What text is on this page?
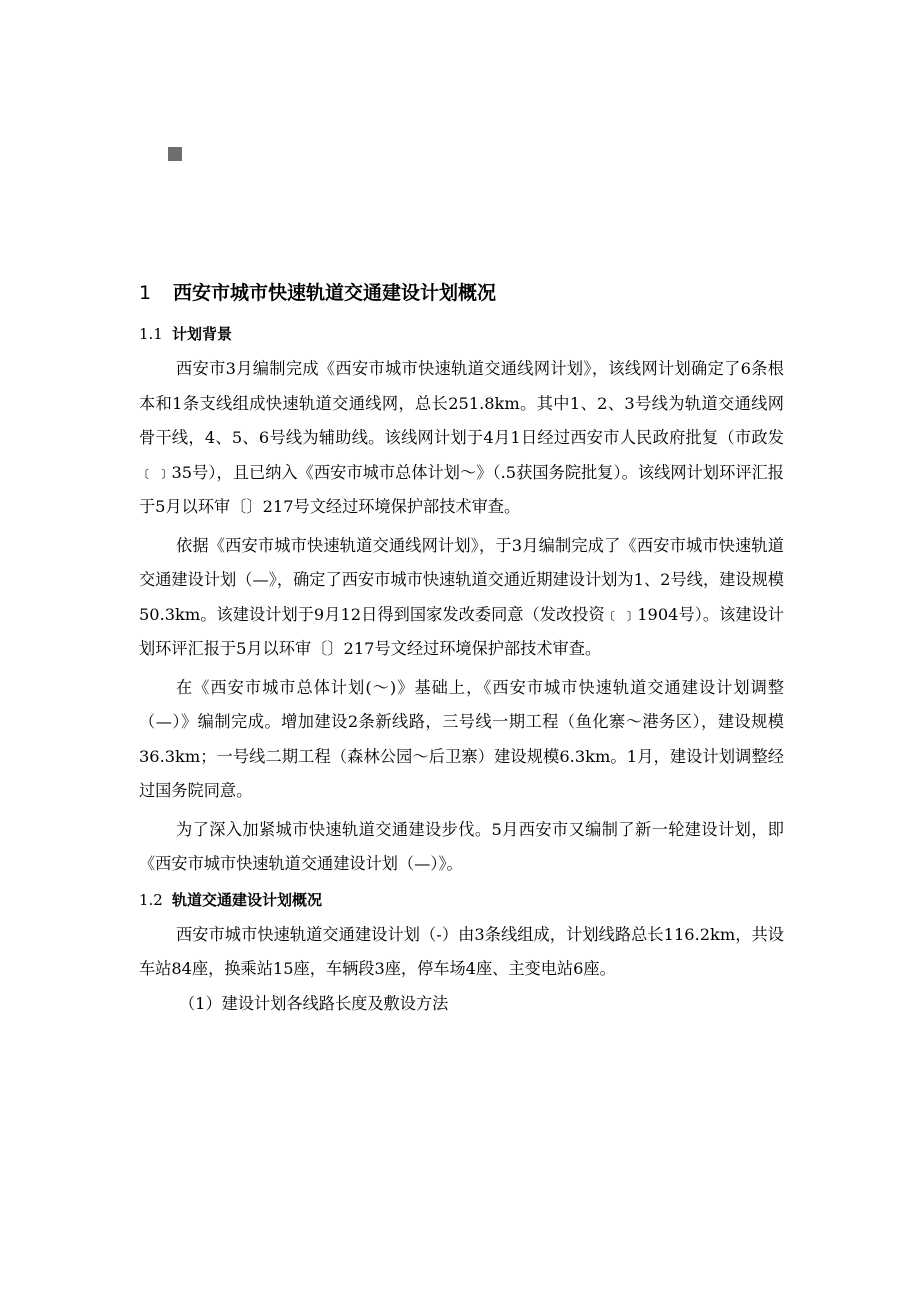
1	西安市城市快速轨道交通建设计划概况
1.1 计划背景

西安市3月编制完成《西安市城市快速轨道交通线网计划》，该线网计划确定了6条根本和1条支线组成快速轨道交通线网，总长251.8km。其中1、2、3号线为轨道交通线网骨干线，4、5、6号线为辅助线。该线网计划于4月1日经过西安市人民政府批复（市政发﹝﹞35号），且已纳入《西安市城市总体计划～》（.5获国务院批复）。该线网计划环评汇报于5月以环审〔〕217号文经过环境保护部技术审查。

依据《西安市城市快速轨道交通线网计划》，于3月编制完成了《西安市城市快速轨道交通建设计划（—》，确定了西安市城市快速轨道交通近期建设计划为1、2号线，建设规模50.3km。该建设计划于9月12日得到国家发改委同意（发改投资﹝﹞1904号）。该建设计划环评汇报于5月以环审〔〕217号文经过环境保护部技术审查。

在《西安市城市总体计划(～)》基础上，《西安市城市快速轨道交通建设计划调整（—）》编制完成。增加建设2条新线路，三号线一期工程（鱼化寨～港务区），建设规模36.3km；一号线二期工程（森林公园～后卫寨）建设规模6.3km。1月，建设计划调整经过国务院同意。

为了深入加紧城市快速轨道交通建设步伐。5月西安市又编制了新一轮建设计划，即《西安市城市快速轨道交通建设计划（—）》。

1.2 轨道交通建设计划概况

西安市城市快速轨道交通建设计划（-）由3条线组成，计划线路总长116.2km，共设车站84座，换乘站15座，车辆段3座，停车场4座、主变电站6座。

（1）建设计划各线路长度及敷设方法
